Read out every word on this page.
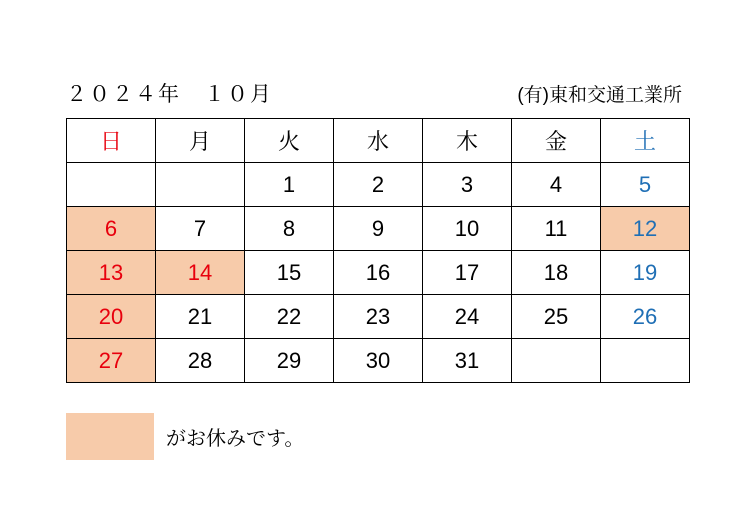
２０２４年　１０月	(有)東和交通工業所
日	月	火	水	木	金	土
		1	2	3	4	5
6	7	8	9	10	11	12
13	14	15	16	17	18	19
20	21	22	23	24	25	26
27	28	29	30	31		
がお休みです。
